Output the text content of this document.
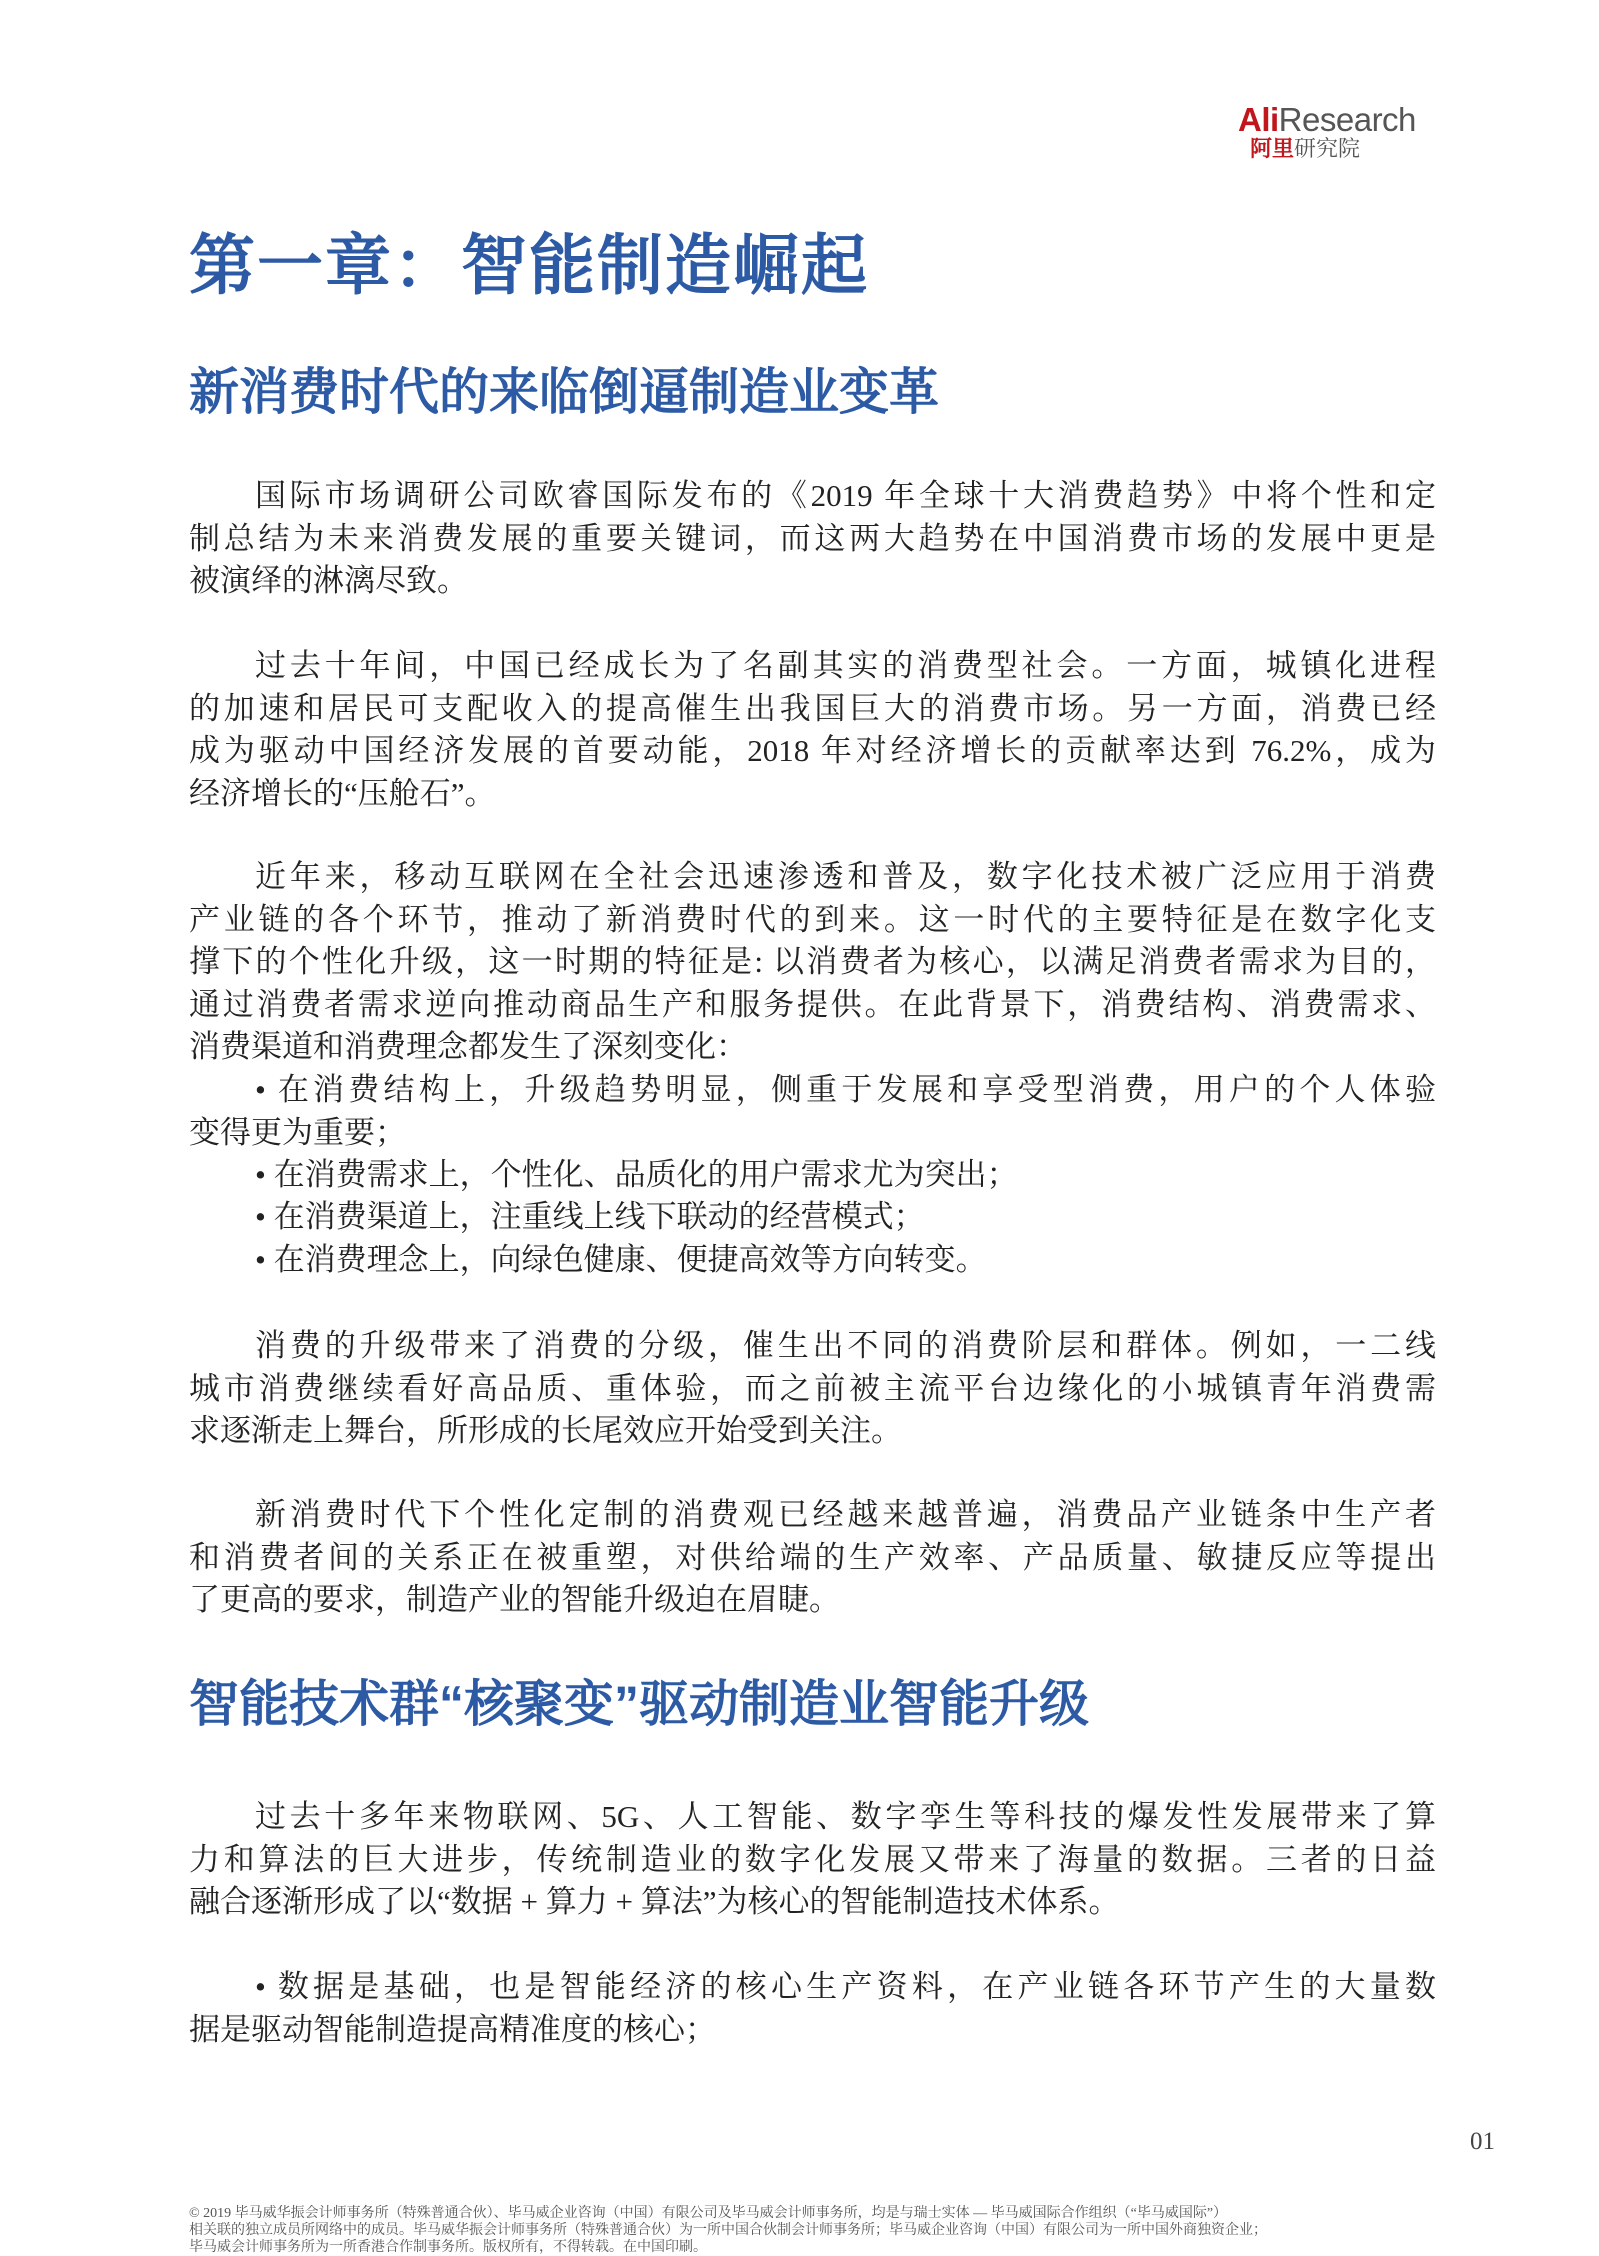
AliResearch
阿里研究院
第一章：智能制造崛起
新消费时代的来临倒逼制造业变革
国际市场调研公司欧睿国际发布的《2019 年全球十大消费趋势》中将个性和定
制总结为未来消费发展的重要关键词，而这两大趋势在中国消费市场的发展中更是
被演绎的淋漓尽致。
过去十年间，中国已经成长为了名副其实的消费型社会。一方面，城镇化进程
的加速和居民可支配收入的提高催生出我国巨大的消费市场。另一方面，消费已经
成为驱动中国经济发展的首要动能，2018 年对经济增长的贡献率达到 76.2%，成为
经济增长的“压舱石”。
近年来，移动互联网在全社会迅速渗透和普及，数字化技术被广泛应用于消费
产业链的各个环节，推动了新消费时代的到来。这一时代的主要特征是在数字化支
撑下的个性化升级，这一时期的特征是: 以消费者为核心，以满足消费者需求为目的，
通过消费者需求逆向推动商品生产和服务提供。在此背景下，消费结构、消费需求、
消费渠道和消费理念都发生了深刻变化：
• 在消费结构上，升级趋势明显，侧重于发展和享受型消费，用户的个人体验
变得更为重要；
• 在消费需求上，个性化、品质化的用户需求尤为突出；
• 在消费渠道上，注重线上线下联动的经营模式；
• 在消费理念上，向绿色健康、便捷高效等方向转变。
消费的升级带来了消费的分级，催生出不同的消费阶层和群体。例如，一二线
城市消费继续看好高品质、重体验，而之前被主流平台边缘化的小城镇青年消费需
求逐渐走上舞台，所形成的长尾效应开始受到关注。
新消费时代下个性化定制的消费观已经越来越普遍，消费品产业链条中生产者
和消费者间的关系正在被重塑，对供给端的生产效率、产品质量、敏捷反应等提出
了更高的要求，制造产业的智能升级迫在眉睫。
智能技术群“核聚变”驱动制造业智能升级
过去十多年来物联网、5G、人工智能、数字孪生等科技的爆发性发展带来了算
力和算法的巨大进步，传统制造业的数字化发展又带来了海量的数据。三者的日益
融合逐渐形成了以“数据 + 算力 + 算法”为核心的智能制造技术体系。
• 数据是基础，也是智能经济的核心生产资料，在产业链各环节产生的大量数
据是驱动智能制造提高精准度的核心；
01
© 2019 毕马威华振会计师事务所（特殊普通合伙）、毕马威企业咨询（中国）有限公司及毕马威会计师事务所，均是与瑞士实体 — 毕马威国际合作组织（“毕马威国际”）
相关联的独立成员所网络中的成员。毕马威华振会计师事务所（特殊普通合伙）为一所中国合伙制会计师事务所；毕马威企业咨询（中国）有限公司为一所中国外商独资企业；
毕马威会计师事务所为一所香港合作制事务所。版权所有，不得转载。在中国印刷。
